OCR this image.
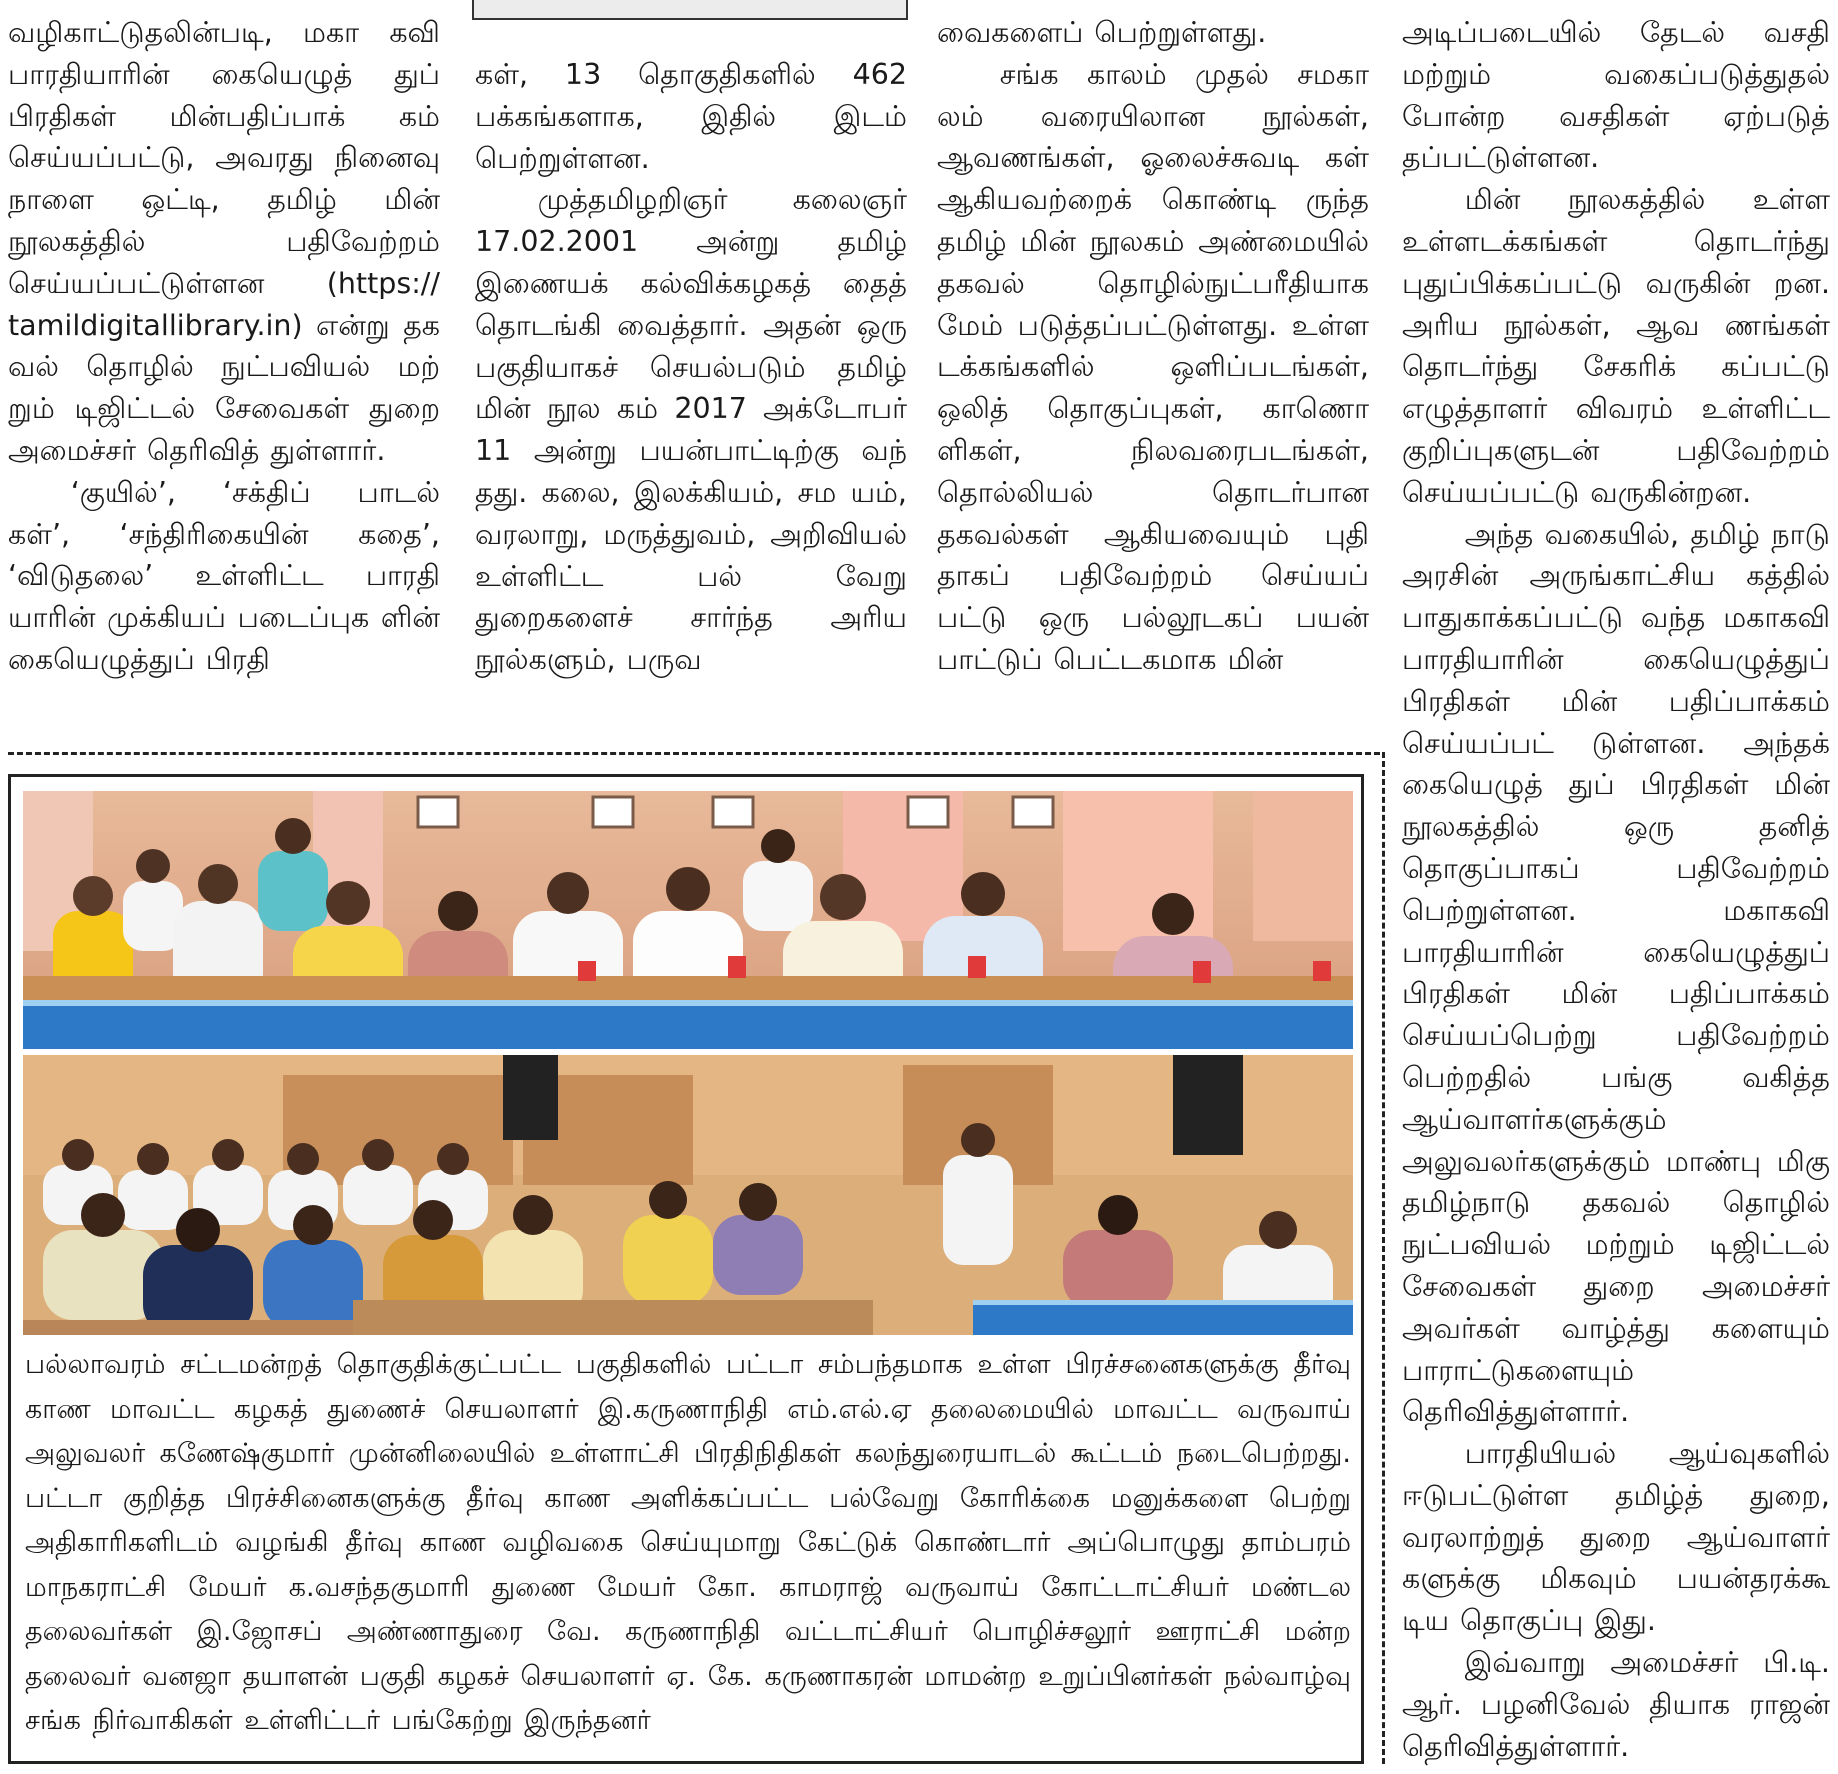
வழிகாட்டுதலின்படி, மகா கவி பாரதியாரின் கையெழுத் துப் பிரதிகள் மின்பதிப்பாக் கம் செய்யப்பட்டு, அவரது நினைவு நாளை ஒட்டி, தமிழ் மின் நூலகத்தில் பதிவேற்றம் செய்யப்பட்டுள்ளன (https:// tamildigitallibrary.in) என்று தக வல் தொழில் நுட்பவியல் மற் றும் டிஜிட்டல் சேவைகள் துறை அமைச்சர் தெரிவித் துள்ளார்.

‘குயில்’, ‘சக்திப் பாடல் கள்’, ‘சந்திரிகையின் கதை’, ‘விடுதலை’ உள்ளிட்ட பாரதி யாரின் முக்கியப் படைப்புக ளின் கையெழுத்துப் பிரதி

கள், 13 தொகுதிகளில் 462 பக்கங்களாக, இதில் இடம் பெற்றுள்ளன.

முத்தமிழறிஞர் கலைஞர் 17.02.2001 அன்று தமிழ் இணையக் கல்விக்கழகத் தைத் தொடங்கி வைத்தார். அதன் ஒரு பகுதியாகச் செயல்படும் தமிழ் மின் நூல கம் 2017 அக்டோபர் 11 அன்று பயன்பாட்டிற்கு வந் தது. கலை, இலக்கியம், சம யம், வரலாறு, மருத்துவம், அறிவியல் உள்ளிட்ட பல் வேறு துறைகளைச் சார்ந்த அரிய நூல்களும், பருவ

வைகளைப் பெற்றுள்ளது.

சங்க காலம் முதல் சமகா லம் வரையிலான நூல்கள், ஆவணங்கள், ஓலைச்சுவடி கள் ஆகியவற்றைக் கொண்டி ருந்த தமிழ் மின் நூலகம் அண்மையில் தகவல் தொழில்நுட்பரீதியாக மேம் படுத்தப்பட்டுள்ளது. உள்ள டக்கங்களில் ஒளிப்படங்கள், ஒலித் தொகுப்புகள், காணொ ளிகள், நிலவரைபடங்கள், தொல்லியல் தொடர்பான தகவல்கள் ஆகியவையும் புதி தாகப் பதிவேற்றம் செய்யப் பட்டு ஒரு பல்லூடகப் பயன் பாட்டுப் பெட்டகமாக மின்

அடிப்படையில் தேடல் வசதி மற்றும் வகைப்படுத்துதல் போன்ற வசதிகள் ஏற்படுத் தப்பட்டுள்ளன.

மின் நூலகத்தில் உள்ள உள்ளடக்கங்கள் தொடர்ந்து புதுப்பிக்கப்பட்டு வருகின் றன. அரிய நூல்கள், ஆவ ணங்கள் தொடர்ந்து சேகரிக் கப்பட்டு எழுத்தாளர் விவரம் உள்ளிட்ட குறிப்புகளுடன் பதிவேற்றம் செய்யப்பட்டு வருகின்றன.

அந்த வகையில், தமிழ் நாடு அரசின் அருங்காட்சிய கத்தில் பாதுகாக்கப்பட்டு வந்த மகாகவி பாரதியாரின் கையெழுத்துப் பிரதிகள் மின் பதிப்பாக்கம் செய்யப்பட் டுள்ளன. அந்தக் கையெழுத் துப் பிரதிகள் மின் நூலகத்தில் ஒரு தனித் தொகுப்பாகப் பதிவேற்றம் பெற்றுள்ளன. மகாகவி பாரதியாரின் கையெழுத்துப் பிரதிகள் மின் பதிப்பாக்கம் செய்யப்பெற்று பதிவேற்றம் பெற்றதில் பங்கு வகித்த ஆய்வாளர்களுக்கும் அலுவலர்களுக்கும் மாண்பு மிகு தமிழ்நாடு தகவல் தொழில் நுட்பவியல் மற்றும் டிஜிட்டல் சேவைகள் துறை அமைச்சர் அவர்கள் வாழ்த்து களையும் பாராட்டுகளையும் தெரிவித்துள்ளார்.

பாரதியியல் ஆய்வுகளில் ஈடுபட்டுள்ள தமிழ்த் துறை, வரலாற்றுத் துறை ஆய்வாளர் களுக்கு மிகவும் பயன்தரக்கூ டிய தொகுப்பு இது.

இவ்வாறு அமைச்சர் பி.டி. ஆர். பழனிவேல் தியாக ராஜன் தெரிவித்துள்ளார்.

பல்லாவரம் சட்டமன்றத் தொகுதிக்குட்பட்ட பகுதிகளில் பட்டா சம்பந்தமாக உள்ள பிரச்சனைகளுக்கு தீர்வு காண மாவட்ட கழகத் துணைச் செயலாளர் இ.கருணாநிதி எம்.எல்.ஏ தலைமையில் மாவட்ட வருவாய் அலுவலர் கணேஷ்குமார் முன்னிலையில் உள்ளாட்சி பிரதிநிதிகள் கலந்துரையாடல் கூட்டம் நடைபெற்றது. பட்டா குறித்த பிரச்சினைகளுக்கு தீர்வு காண அளிக்கப்பட்ட பல்வேறு கோரிக்கை மனுக்களை பெற்று அதிகாரிகளிடம் வழங்கி தீர்வு காண வழிவகை செய்யுமாறு கேட்டுக் கொண்டார் அப்பொழுது தாம்பரம் மாநகராட்சி மேயர் க.வசந்தகுமாரி துணை மேயர் கோ. காமராஜ் வருவாய் கோட்டாட்சியர் மண்டல தலைவர்கள் இ.ஜோசப் அண்ணாதுரை வே. கருணாநிதி வட்டாட்சியர் பொழிச்சலூர் ஊராட்சி மன்ற தலைவர் வனஜா தயாளன் பகுதி கழகச் செயலாளர் ஏ. கே. கருணாகரன் மாமன்ற உறுப்பினர்கள் நல்வாழ்வு சங்க நிர்வாகிகள் உள்ளிட்டர் பங்கேற்று இருந்தனர்
